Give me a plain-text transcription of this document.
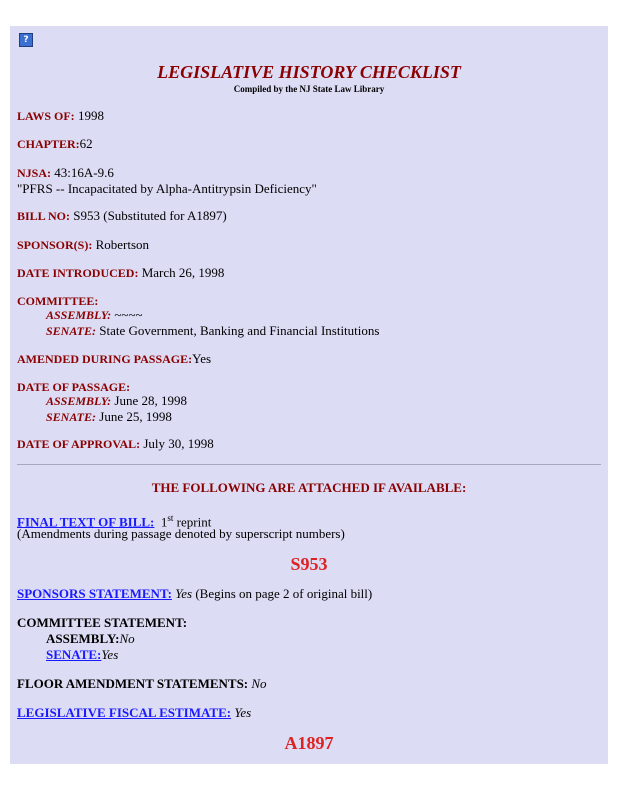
?
LEGISLATIVE HISTORY CHECKLIST
Compiled by the NJ State Law Library
LAWS OF: 1998
CHAPTER:62
NJSA: 43:16A-9.6
"PFRS -- Incapacitated by Alpha-Antitrypsin Deficiency"
BILL NO: S953 (Substituted for A1897)
SPONSOR(S): Robertson
DATE INTRODUCED: March 26, 1998
COMMITTEE:
ASSEMBLY: ~~~~
SENATE: State Government, Banking and Financial Institutions
AMENDED DURING PASSAGE:Yes
DATE OF PASSAGE:
ASSEMBLY: June 28, 1998
SENATE: June 25, 1998
DATE OF APPROVAL: July 30, 1998
THE FOLLOWING ARE ATTACHED IF AVAILABLE:
FINAL TEXT OF BILL: 1st reprint
(Amendments during passage denoted by superscript numbers)
S953
SPONSORS STATEMENT: Yes (Begins on page 2 of original bill)
COMMITTEE STATEMENT:
ASSEMBLY:No
SENATE:Yes
FLOOR AMENDMENT STATEMENTS: No
LEGISLATIVE FISCAL ESTIMATE: Yes
A1897
